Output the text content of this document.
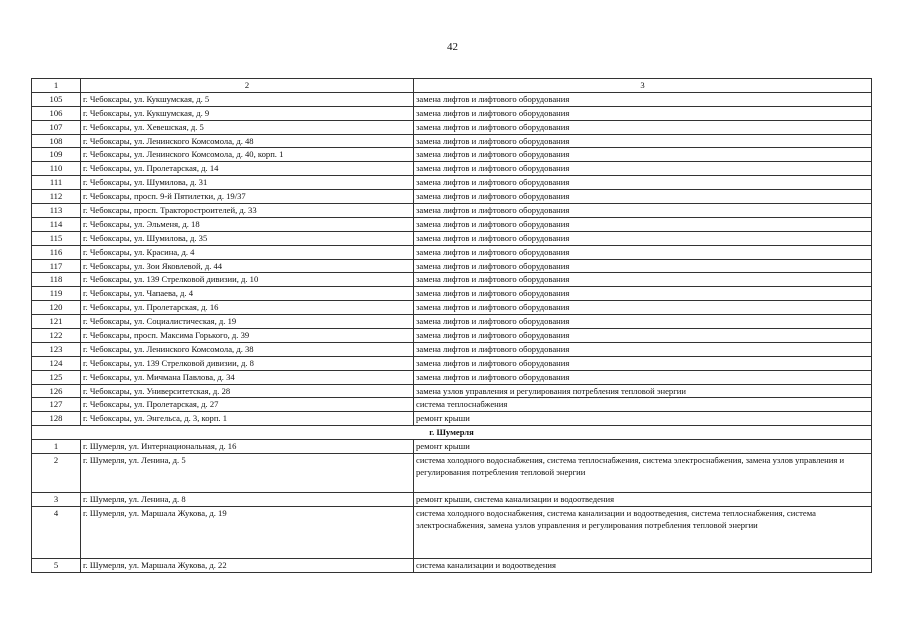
42
1	2	3
105	г. Чебоксары, ул. Кукшумская, д. 5	замена лифтов и лифтового оборудования
106	г. Чебоксары, ул. Кукшумская, д. 9	замена лифтов и лифтового оборудования
107	г. Чебоксары, ул. Хевешская, д. 5	замена лифтов и лифтового оборудования
108	г. Чебоксары, ул. Ленинского Комсомола, д. 48	замена лифтов и лифтового оборудования
109	г. Чебоксары, ул. Ленинского Комсомола, д. 40, корп. 1	замена лифтов и лифтового оборудования
110	г. Чебоксары, ул. Пролетарская, д. 14	замена лифтов и лифтового оборудования
111	г. Чебоксары, ул. Шумилова, д. 31	замена лифтов и лифтового оборудования
112	г. Чебоксары, просп. 9-й Пятилетки, д. 19/37	замена лифтов и лифтового оборудования
113	г. Чебоксары, просп. Тракторостроителей, д. 33	замена лифтов и лифтового оборудования
114	г. Чебоксары, ул. Эльменя, д. 18	замена лифтов и лифтового оборудования
115	г. Чебоксары, ул. Шумилова, д. 35	замена лифтов и лифтового оборудования
116	г. Чебоксары, ул. Красина, д. 4	замена лифтов и лифтового оборудования
117	г. Чебоксары, ул. Зои Яковлевой, д. 44	замена лифтов и лифтового оборудования
118	г. Чебоксары, ул. 139 Стрелковой дивизии, д. 10	замена лифтов и лифтового оборудования
119	г. Чебоксары, ул. Чапаева, д. 4	замена лифтов и лифтового оборудования
120	г. Чебоксары, ул. Пролетарская, д. 16	замена лифтов и лифтового оборудования
121	г. Чебоксары, ул. Социалистическая, д. 19	замена лифтов и лифтового оборудования
122	г. Чебоксары, просп. Максима Горького, д. 39	замена лифтов и лифтового оборудования
123	г. Чебоксары, ул. Ленинского Комсомола, д. 38	замена лифтов и лифтового оборудования
124	г. Чебоксары, ул. 139 Стрелковой дивизии, д. 8	замена лифтов и лифтового оборудования
125	г. Чебоксары, ул. Мичмана Павлова, д. 34	замена лифтов и лифтового оборудования
126	г. Чебоксары, ул. Университетская, д. 28	замена узлов управления и регулирования потребления тепловой энергии
127	г. Чебоксары, ул. Пролетарская, д. 27	система теплоснабжения
128	г. Чебоксары, ул. Энгельса, д. 3, корп. 1	ремонт крыши
г. Шумерля		
1	г. Шумерля, ул. Интернациональная, д. 16	ремонт крыши
2	г. Шумерля, ул. Ленина, д. 5	система холодного водоснабжения, система теплоснабжения, система электроснабжения, замена узлов управления и регулирования потребления тепловой энергии
3	г. Шумерля, ул. Ленина, д. 8	ремонт крыши, система канализации и водоотведения
4	г. Шумерля, ул. Маршала Жукова, д. 19	система холодного водоснабжения, система канализации и водоотведения, система теплоснабжения, система электроснабжения, замена узлов управления и регулирования потребления тепловой энергии
5	г. Шумерля, ул. Маршала Жукова, д. 22	система канализации и водоотведения
